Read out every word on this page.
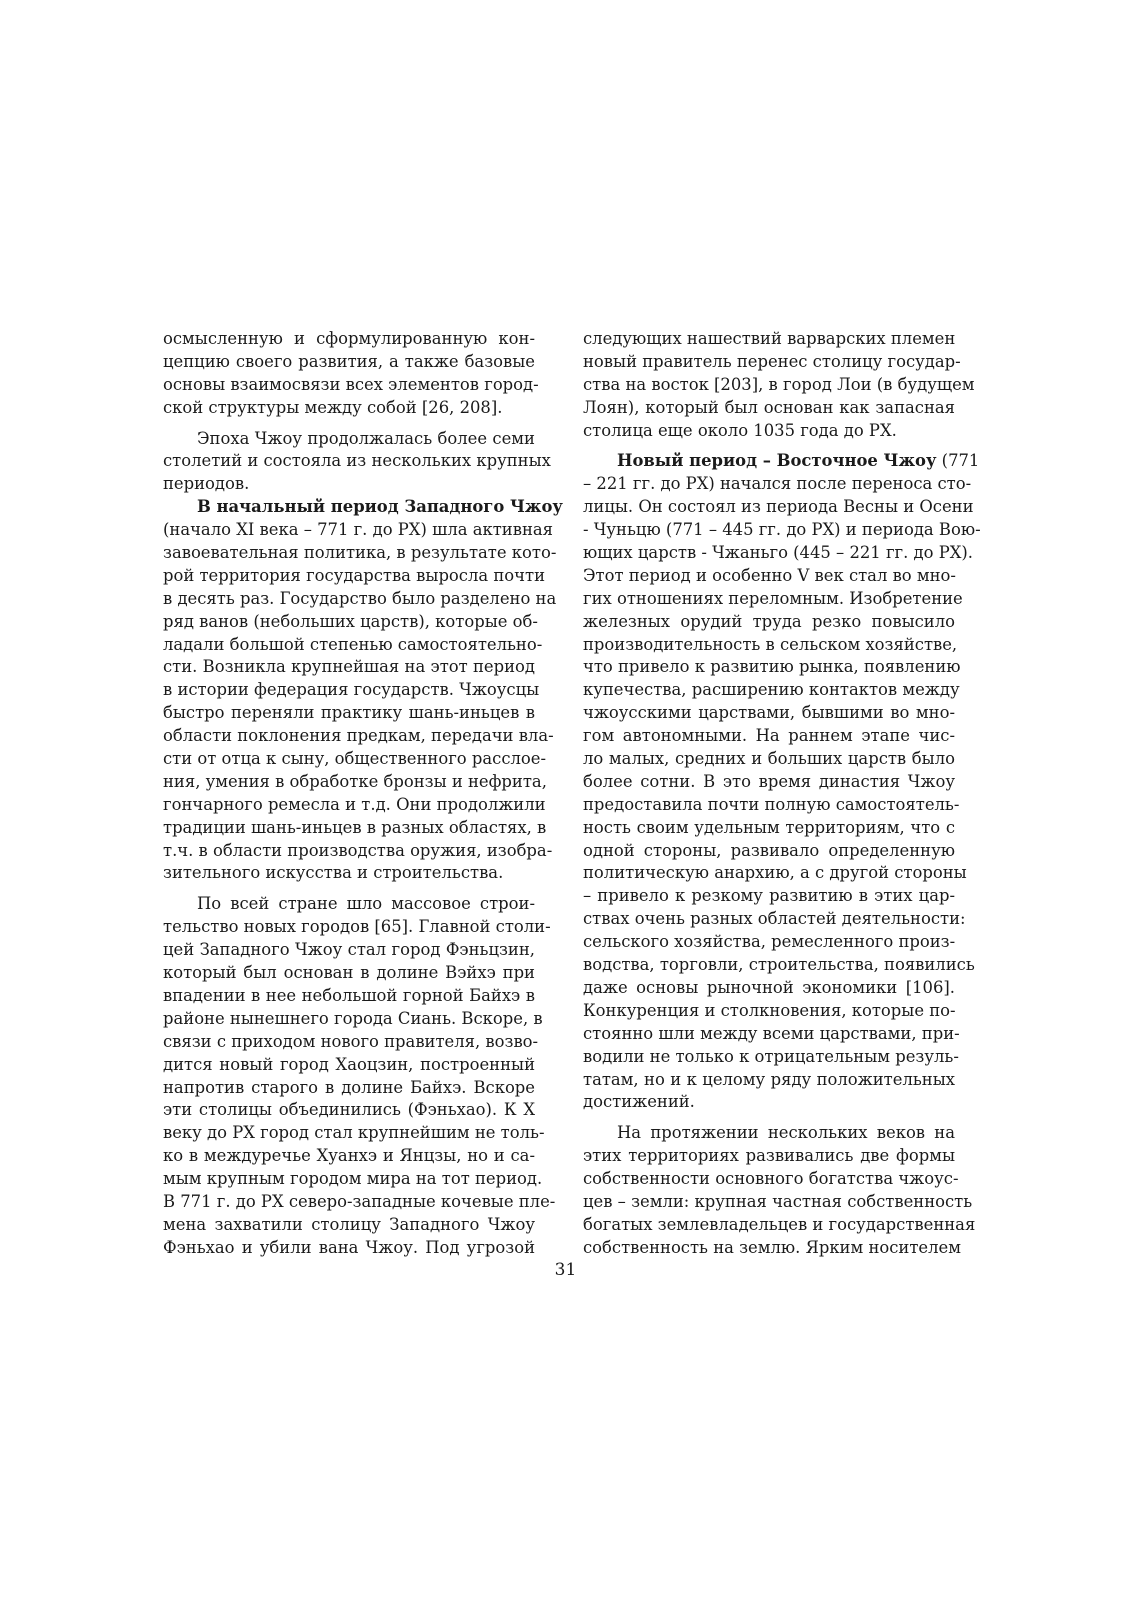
осмысленную и сформулированную кон-
цепцию своего развития, а также базовые
основы взаимосвязи всех элементов город-
ской структуры между собой [26, 208].
Эпоха Чжоу продолжалась более семи
столетий и состояла из нескольких крупных
периодов.
В начальный период Западного Чжоу
(начало XI века – 771 г. до РХ) шла активная
завоевательная политика, в результате кото-
рой территория государства выросла почти
в десять раз. Государство было разделено на
ряд ванов (небольших царств), которые об-
ладали большой степенью самостоятельно-
сти. Возникла крупнейшая на этот период
в истории федерация государств. Чжоусцы
быстро переняли практику шань-иньцев в
области поклонения предкам, передачи вла-
сти от отца к сыну, общественного расслое-
ния, умения в обработке бронзы и нефрита,
гончарного ремесла и т.д. Они продолжили
традиции шань-иньцев в разных областях, в
т.ч. в области производства оружия, изобра-
зительного искусства и строительства.
По всей стране шло массовое строи-
тельство новых городов [65]. Главной столи-
цей Западного Чжоу стал город Фэньцзин,
который был основан в долине Вэйхэ при
впадении в нее небольшой горной Байхэ в
районе нынешнего города Сиань. Вскоре, в
связи с приходом нового правителя, возво-
дится новый город Хаоцзин, построенный
напротив старого в долине Байхэ. Вскоре
эти столицы объединились (Фэньхао). К X
веку до РХ город стал крупнейшим не толь-
ко в междуречье Хуанхэ и Янцзы, но и са-
мым крупным городом мира на тот период.
В 771 г. до РХ северо-западные кочевые пле-
мена захватили столицу Западного Чжоу
Фэньхао и убили вана Чжоу. Под угрозой
следующих нашествий варварских племен
новый правитель перенес столицу государ-
ства на восток [203], в город Лои (в будущем
Лоян), который был основан как запасная
столица еще около 1035 года до РХ.
Новый период – Восточное Чжоу (771
– 221 гг. до РХ) начался после переноса сто-
лицы. Он состоял из периода Весны и Осени
- Чуньцю (771 – 445 гг. до РХ) и периода Вою-
ющих царств - Чжаньго (445 – 221 гг. до РХ).
Этот период и особенно V век стал во мно-
гих отношениях переломным. Изобретение
железных орудий труда резко повысило
производительность в сельском хозяйстве,
что привело к развитию рынка, появлению
купечества, расширению контактов между
чжоусскими царствами, бывшими во мно-
гом автономными. На раннем этапе чис-
ло малых, средних и больших царств было
более сотни. В это время династия Чжоу
предоставила почти полную самостоятель-
ность своим удельным территориям, что с
одной стороны, развивало определенную
политическую анархию, а с другой стороны
– привело к резкому развитию в этих цар-
ствах очень разных областей деятельности:
сельского хозяйства, ремесленного произ-
водства, торговли, строительства, появились
даже основы рыночной экономики [106].
Конкуренция и столкновения, которые по-
стоянно шли между всеми царствами, при-
водили не только к отрицательным резуль-
татам, но и к целому ряду положительных
достижений.
На протяжении нескольких веков на
этих территориях развивались две формы
собственности основного богатства чжоус-
цев – земли: крупная частная собственность
богатых землевладельцев и государственная
собственность на землю. Ярким носителем
31
